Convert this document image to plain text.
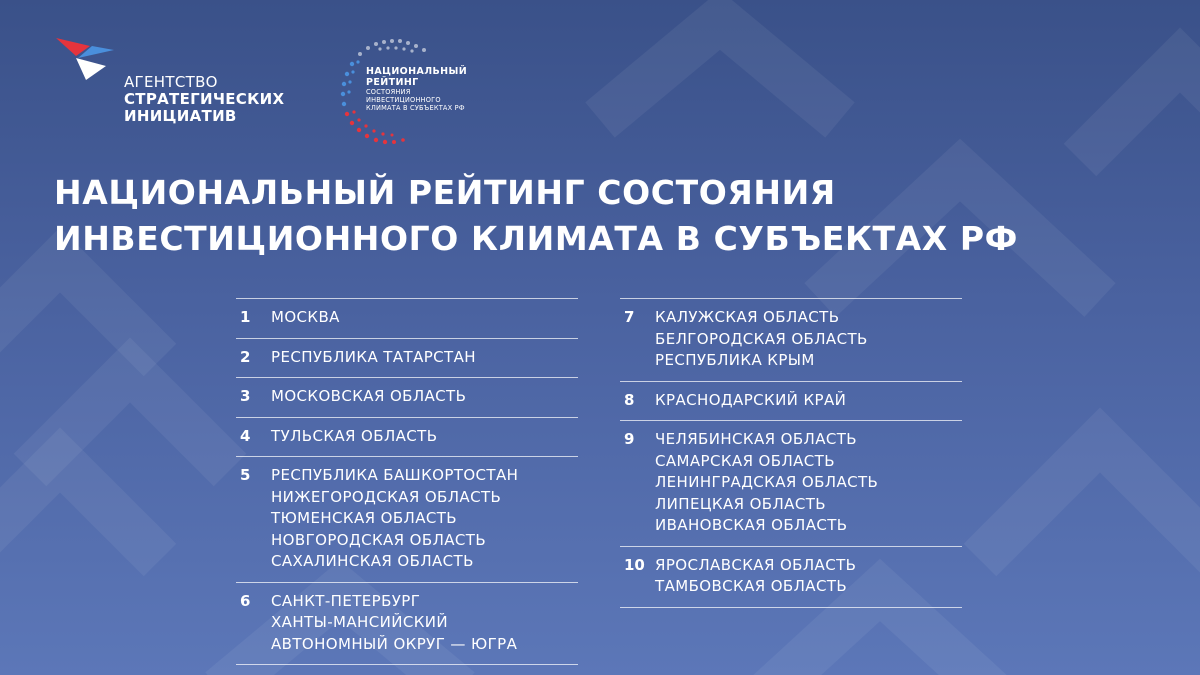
АГЕНТСТВО
СТРАТЕГИЧЕСКИХ
ИНИЦИАТИВ
НАЦИОНАЛЬНЫЙ
РЕЙТИНГ
СОСТОЯНИЯ
ИНВЕСТИЦИОННОГО
КЛИМАТА В СУБЪЕКТАХ РФ
НАЦИОНАЛЬНЫЙ РЕЙТИНГ СОСТОЯНИЯ
ИНВЕСТИЦИОННОГО КЛИМАТА В СУБЪЕКТАХ РФ
1	МОСКВА
2	РЕСПУБЛИКА ТАТАРСТАН
3	МОСКОВСКАЯ ОБЛАСТЬ
4	ТУЛЬСКАЯ ОБЛАСТЬ
5	РЕСПУБЛИКА БАШКОРТОСТАН
НИЖЕГОРОДСКАЯ ОБЛАСТЬ
ТЮМЕНСКАЯ ОБЛАСТЬ
НОВГОРОДСКАЯ ОБЛАСТЬ
САХАЛИНСКАЯ ОБЛАСТЬ
6	САНКТ-ПЕТЕРБУРГ
ХАНТЫ-МАНСИЙСКИЙ
АВТОНОМНЫЙ ОКРУГ — ЮГРА
7	КАЛУЖСКАЯ ОБЛАСТЬ
БЕЛГОРОДСКАЯ ОБЛАСТЬ
РЕСПУБЛИКА КРЫМ
8	КРАСНОДАРСКИЙ КРАЙ
9	ЧЕЛЯБИНСКАЯ ОБЛАСТЬ
САМАРСКАЯ ОБЛАСТЬ
ЛЕНИНГРАДСКАЯ ОБЛАСТЬ
ЛИПЕЦКАЯ ОБЛАСТЬ
ИВАНОВСКАЯ ОБЛАСТЬ
10 ЯРОСЛАВСКАЯ ОБЛАСТЬ
ТАМБОВСКАЯ ОБЛАСТЬ
